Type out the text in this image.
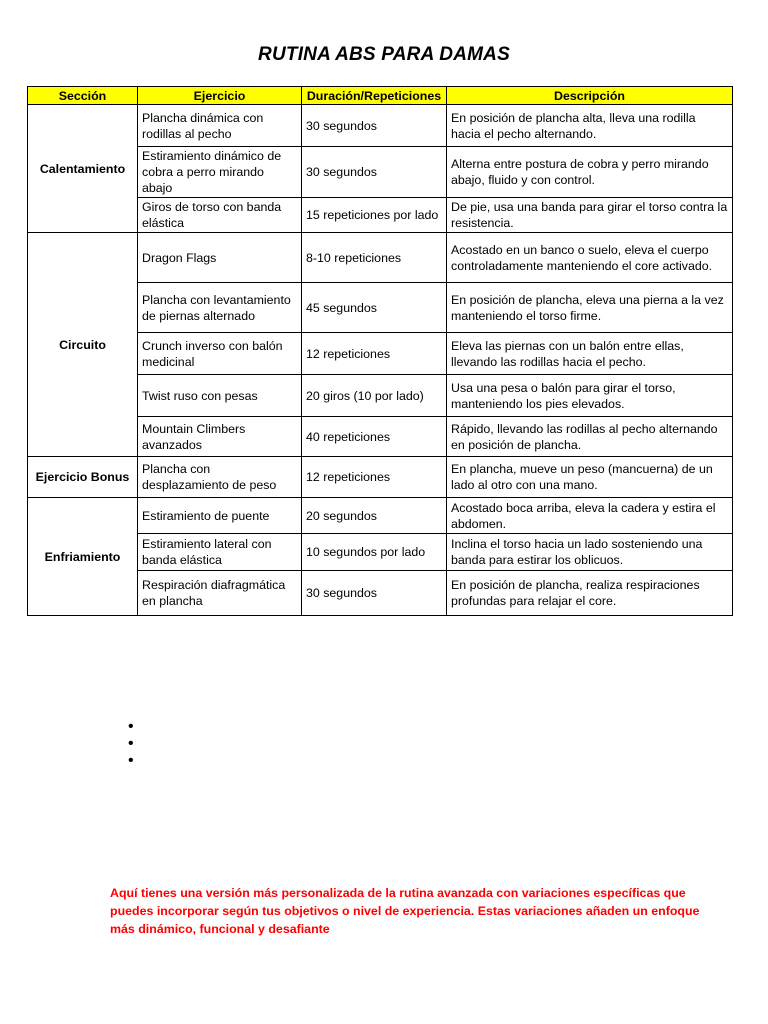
RUTINA ABS PARA DAMAS
Sección	Ejercicio	Duración/Repeticiones	Descripción
Calentamiento	Plancha dinámica con rodillas al pecho	30 segundos	En posición de plancha alta, lleva una rodilla hacia el pecho alternando.
	Estiramiento dinámico de cobra a perro mirando abajo	30 segundos	Alterna entre postura de cobra y perro mirando abajo, fluido y con control.
	Giros de torso con banda elástica	15 repeticiones por lado	De pie, usa una banda para girar el torso contra la resistencia.
Circuito	Dragon Flags	8-10 repeticiones	Acostado en un banco o suelo, eleva el cuerpo controladamente manteniendo el core activado.
	Plancha con levantamiento de piernas alternado	45 segundos	En posición de plancha, eleva una pierna a la vez manteniendo el torso firme.
	Crunch inverso con balón medicinal	12 repeticiones	Eleva las piernas con un balón entre ellas, llevando las rodillas hacia el pecho.
	Twist ruso con pesas	20 giros (10 por lado)	Usa una pesa o balón para girar el torso, manteniendo los pies elevados.
	Mountain Climbers avanzados	40 repeticiones	Rápido, llevando las rodillas al pecho alternando en posición de plancha.
Ejercicio Bonus	Plancha con desplazamiento de peso	12 repeticiones	En plancha, mueve un peso (mancuerna) de un lado al otro con una mano.
Enfriamiento	Estiramiento de puente	20 segundos	Acostado boca arriba, eleva la cadera y estira el abdomen.
	Estiramiento lateral con banda elástica	10 segundos por lado	Inclina el torso hacia un lado sosteniendo una banda para estirar los oblicuos.
	Respiración diafragmática en plancha	30 segundos	En posición de plancha, realiza respiraciones profundas para relajar el core.
•
•
•
Aquí tienes una versión más personalizada de la rutina avanzada con variaciones específicas que puedes incorporar según tus objetivos o nivel de experiencia. Estas variaciones añaden un enfoque más dinámico, funcional y desafiante
